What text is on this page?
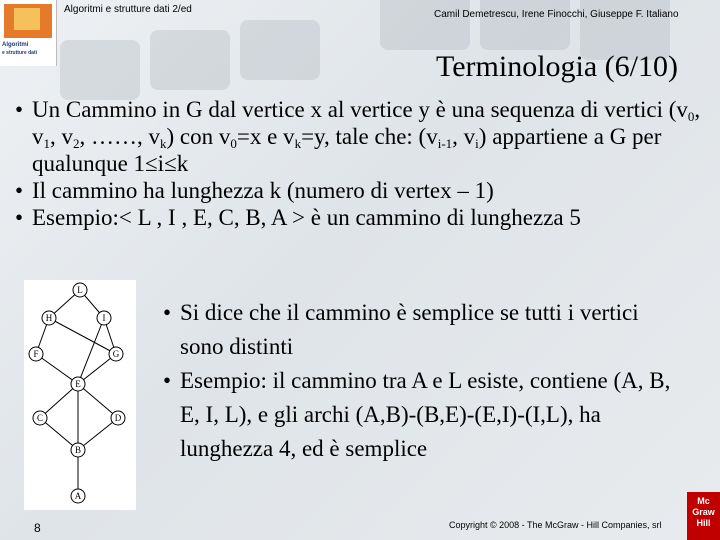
Algoritmi
e strutture dati
Algoritmi e strutture dati 2/ed	Camil Demetrescu, Irene Finocchi, Giuseppe F. Italiano
Terminologia (6/10)
• Un Cammino in G dal vertice x al vertice y è una sequenza di vertici ($v_0$, $v_1$, $v_2$, ……, $v_k$) con $v_0=x$ e $v_k=y$, tale che: ($v_{i-1}$, $v_i$) appartiene a G per qualunque 1≤i≤k
• Il cammino ha lunghezza k (numero di vertex – 1)
• Esempio:< L , I , E, C, B, A > è un cammino di lunghezza 5
L
H	I
F	G
E
C	D
B
A
• Si dice che il cammino è semplice se tutti i vertici sono distinti
• Esempio: il cammino tra A e L esiste, contiene (A, B, E, I, L), e gli archi (A,B)-(B,E)-(E,I)-(I,L), ha lunghezza 4, ed è semplice
8	Copyright © 2008 - The McGraw - Hill Companies, srl
Mc
Graw
Hill
